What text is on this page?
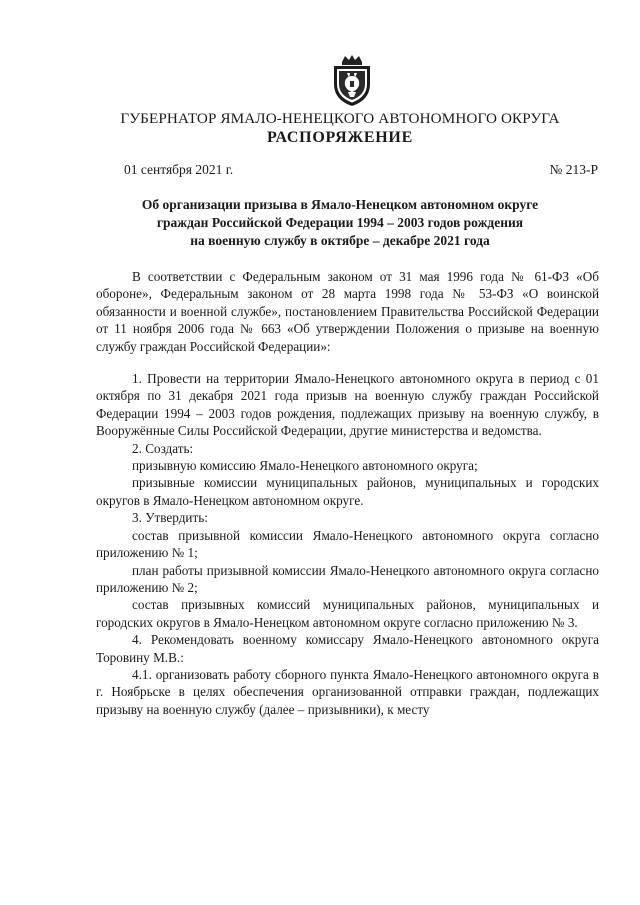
ГУБЕРНАТОР ЯМАЛО-НЕНЕЦКОГО АВТОНОМНОГО ОКРУГА
РАСПОРЯЖЕНИЕ
01 сентября 2021 г.	№ 213-Р
Об организации призыва в Ямало-Ненецком автономном округе
граждан Российской Федерации 1994 – 2003 годов рождения
на военную службу в октябре – декабре 2021 года

В соответствии с Федеральным законом от 31 мая 1996 года № 61-ФЗ «Об обороне», Федеральным законом от 28 марта 1998 года № 53-ФЗ «О воинской обязанности и военной службе», постановлением Правительства Российской Федерации от 11 ноября 2006 года № 663 «Об утверждении Положения о призыве на военную службу граждан Российской Федерации»:

1. Провести на территории Ямало-Ненецкого автономного округа в период с 01 октября по 31 декабря 2021 года призыв на военную службу граждан Российской Федерации 1994 – 2003 годов рождения, подлежащих призыву на военную службу, в Вооружённые Силы Российской Федерации, другие министерства и ведомства.

2. Создать:

призывную комиссию Ямало-Ненецкого автономного округа;

призывные комиссии муниципальных районов, муниципальных и городских округов в Ямало-Ненецком автономном округе.

3. Утвердить:

состав призывной комиссии Ямало-Ненецкого автономного округа согласно приложению № 1;

план работы призывной комиссии Ямало-Ненецкого автономного округа согласно приложению № 2;

состав призывных комиссий муниципальных районов, муниципальных и городских округов в Ямало-Ненецком автономном округе согласно приложению № 3.

4. Рекомендовать военному комиссару Ямало-Ненецкого автономного округа Торовину М.В.:

4.1. организовать работу сборного пункта Ямало-Ненецкого автономного округа в г. Ноябрьске в целях обеспечения организованной отправки граждан, подлежащих призыву на военную службу (далее – призывники), к месту
